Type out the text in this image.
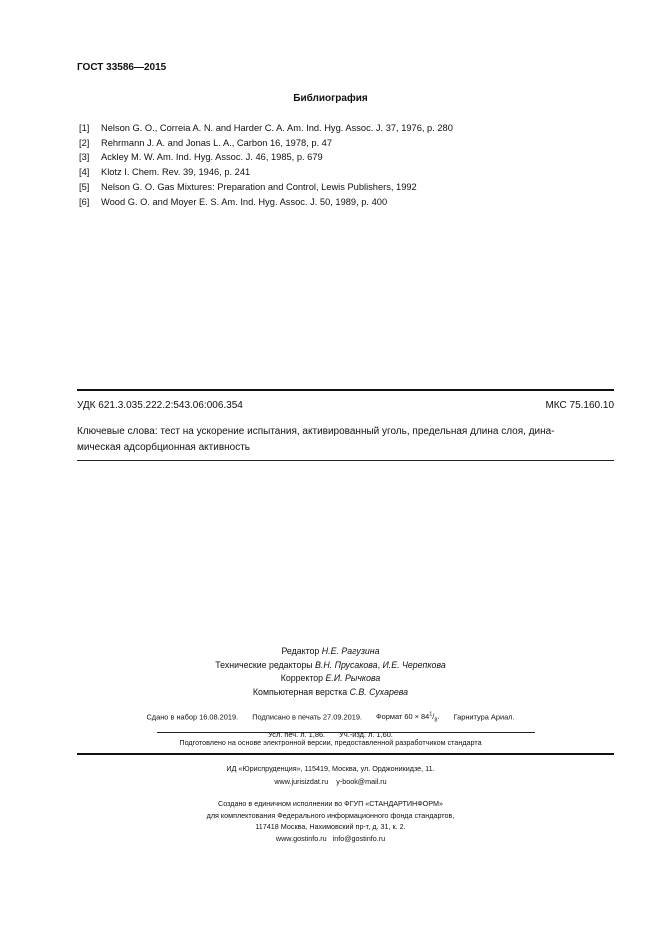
ГОСТ 33586—2015
Библиография
[1]	Nelson G. O., Correia A. N. and Harder C. A. Am. Ind. Hyg. Assoc. J. 37, 1976, p. 280
[2]	Rehrmann J. A. and Jonas L. A., Carbon 16, 1978, p. 47
[3]	Ackley M. W. Am. Ind. Hyg. Assoc. J. 46, 1985, p. 679
[4]	Klotz I. Chem. Rev. 39, 1946, p. 241
[5]	Nelson G. O. Gas Mixtures: Preparation and Control, Lewis Publishers, 1992
[6]	Wood G. O. and Moyer E. S. Am. Ind. Hyg. Assoc. J. 50, 1989, p. 400
УДК 621.3.035.222.2:543.06:006.354	МКС 75.160.10
Ключевые слова: тест на ускорение испытания, активированный уголь, предельная длина слоя, дина-
мическая адсорбционная активность
Редактор Н.Е. Рагузина
Технические редакторы В.Н. Прусакова, И.Е. Черепкова
Корректор Е.И. Рычкова
Компьютерная верстка С.В. Сухарева
Сдано в набор 16.08.2019. Подписано в печать 27.09.2019. Формат $60 \times 84^1/_8$. Гарнитура Ариал.
Усл. печ. л. 1,86. Уч.-изд. л. 1,60.
Подготовлено на основе электронной версии, предоставленной разработчиком стандарта
ИД «Юриспруденция», 115419, Москва, ул. Орджоникидзе, 11.
www.jurisizdat.ru y-book@mail.ru
Создано в единичном исполнении во ФГУП «СТАНДАРТИНФОРМ»
для комплектования Федерального информационного фонда стандартов,
117418 Москва, Нахимовский пр-т, д. 31, к. 2.
www.gostinfo.ru info@gostinfo.ru
